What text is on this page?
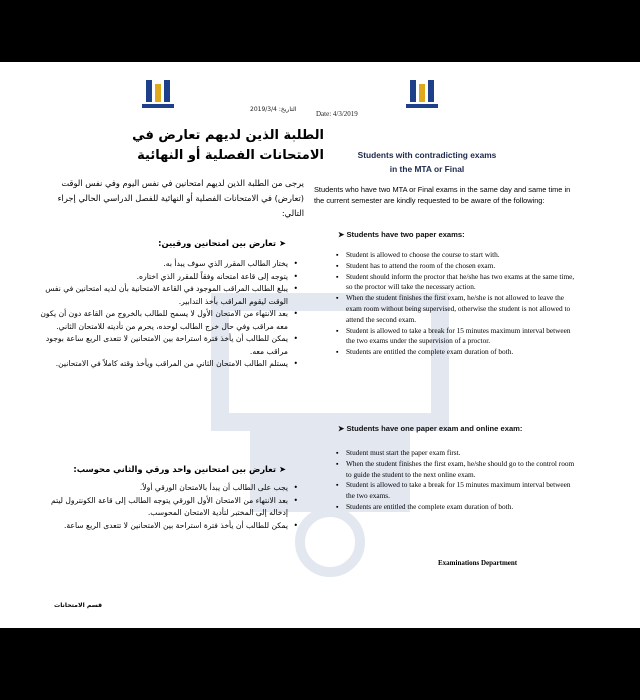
التاريخ: 2019/3/4
Date: 4/3/2019
الطلبة الذين لديهم تعارض في الامتحانات الفصلية أو النهائية	Students with contradicting exams
in the MTA or Final
يرجى من الطلبة الذين لديهم امتحانين في نفس اليوم وفي نفس الوقت (تعارض) في الامتحانات الفصلية أو النهائية للفصل الدراسي الحالي إجراء التالي:
Students who have two MTA or Final exams in the same day and same time in the current semester are kindly requested to be aware of the following:
➤ Students have two paper exams:
▪ Student is allowed to choose the course to start with.
▪ Student has to attend the room of the chosen exam.
▪ Student should inform the proctor that he/she has two exams at the same time, so the proctor will take the necessary action.
▪ When the student finishes the first exam, he/she is not allowed to leave the exam room without being supervised, otherwise the student is not allowed to attend the second exam.
▪ Student is allowed to take a break for 15 minutes maximum interval between the two exams under the supervision of a proctor.
▪ Students are entitled the complete exam duration of both.
➤ Students have one paper exam and online exam:
▪ Student must start the paper exam first.
▪ When the student finishes the first exam, he/she should go to the control room to guide the student to the next online exam.
▪ Student is allowed to take a break for 15 minutes maximum interval between the two exams.
▪ Students are entitled the complete exam duration of both.
Examinations Department
➤ تعارض بين امتحانين ورقيين:
• يختار الطالب المقرر الذي سوف يبدأ به.
• يتوجه إلى قاعة امتحانه وفقاً للمقرر الذي اختاره.
• يبلغ الطالب المراقب الموجود في القاعة الامتحانية بأن لديه امتحانين في نفس الوقت ليقوم المراقب بأخذ التدابير.
• بعد الانتهاء من الامتحان الأول لا يسمح للطالب بالخروج من القاعة دون أن يكون معه مراقب وفي حال خرج الطالب لوحده، يحرم من تأديته للامتحان الثاني.
• يمكن للطالب أن يأخذ فترة استراحة بين الامتحانين لا تتعدى الربع ساعة بوجود مراقب معه.
• يستلم الطالب الامتحان الثاني من المراقب ويأخذ وقته كاملاً في الامتحانين.
➤ تعارض بين امتحانين واحد ورقي والثاني محوسب:
• يجب على الطالب أن يبدأ بالامتحان الورقي أولاً.
• بعد الانتهاء من الامتحان الأول الورقي يتوجه الطالب إلى قاعة الكونترول ليتم إدخاله إلى المختبر لتأدية الامتحان المحوسب.
• يمكن للطالب أن يأخذ فترة استراحة بين الامتحانين لا تتعدى الربع ساعة.
قسم الامتحانات
